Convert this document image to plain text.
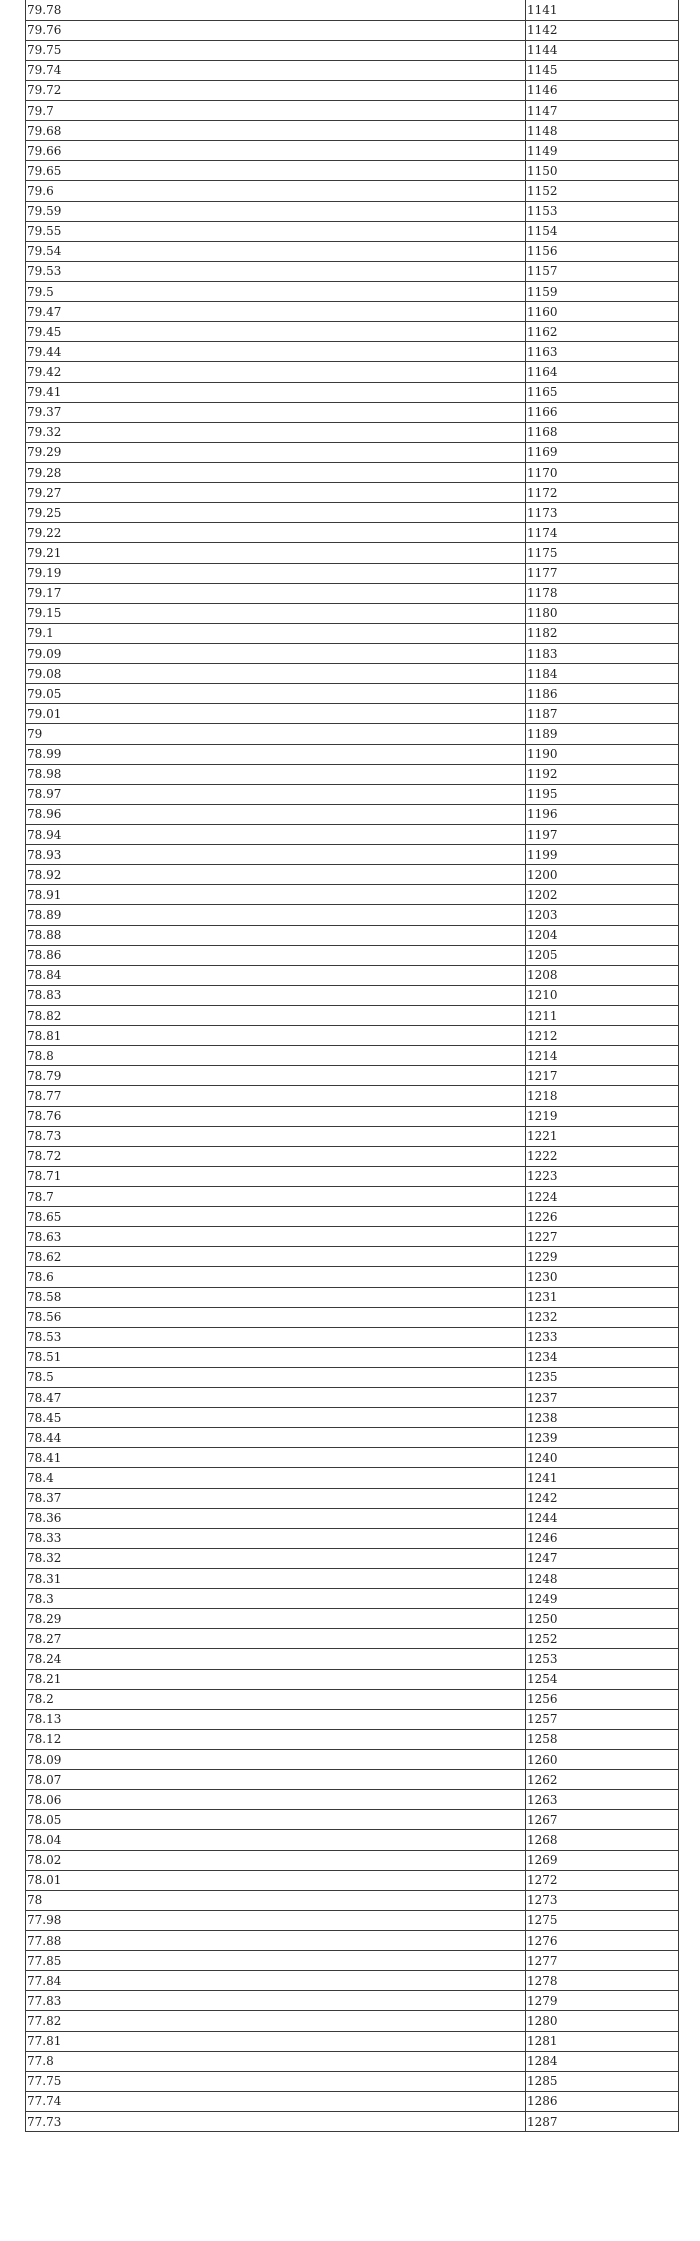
79.78	1141
79.76	1142
79.75	1144
79.74	1145
79.72	1146
79.7	1147
79.68	1148
79.66	1149
79.65	1150
79.6	1152
79.59	1153
79.55	1154
79.54	1156
79.53	1157
79.5	1159
79.47	1160
79.45	1162
79.44	1163
79.42	1164
79.41	1165
79.37	1166
79.32	1168
79.29	1169
79.28	1170
79.27	1172
79.25	1173
79.22	1174
79.21	1175
79.19	1177
79.17	1178
79.15	1180
79.1	1182
79.09	1183
79.08	1184
79.05	1186
79.01	1187
79	1189
78.99	1190
78.98	1192
78.97	1195
78.96	1196
78.94	1197
78.93	1199
78.92	1200
78.91	1202
78.89	1203
78.88	1204
78.86	1205
78.84	1208
78.83	1210
78.82	1211
78.81	1212
78.8	1214
78.79	1217
78.77	1218
78.76	1219
78.73	1221
78.72	1222
78.71	1223
78.7	1224
78.65	1226
78.63	1227
78.62	1229
78.6	1230
78.58	1231
78.56	1232
78.53	1233
78.51	1234
78.5	1235
78.47	1237
78.45	1238
78.44	1239
78.41	1240
78.4	1241
78.37	1242
78.36	1244
78.33	1246
78.32	1247
78.31	1248
78.3	1249
78.29	1250
78.27	1252
78.24	1253
78.21	1254
78.2	1256
78.13	1257
78.12	1258
78.09	1260
78.07	1262
78.06	1263
78.05	1267
78.04	1268
78.02	1269
78.01	1272
78	1273
77.98	1275
77.88	1276
77.85	1277
77.84	1278
77.83	1279
77.82	1280
77.81	1281
77.8	1284
77.75	1285
77.74	1286
77.73	1287
